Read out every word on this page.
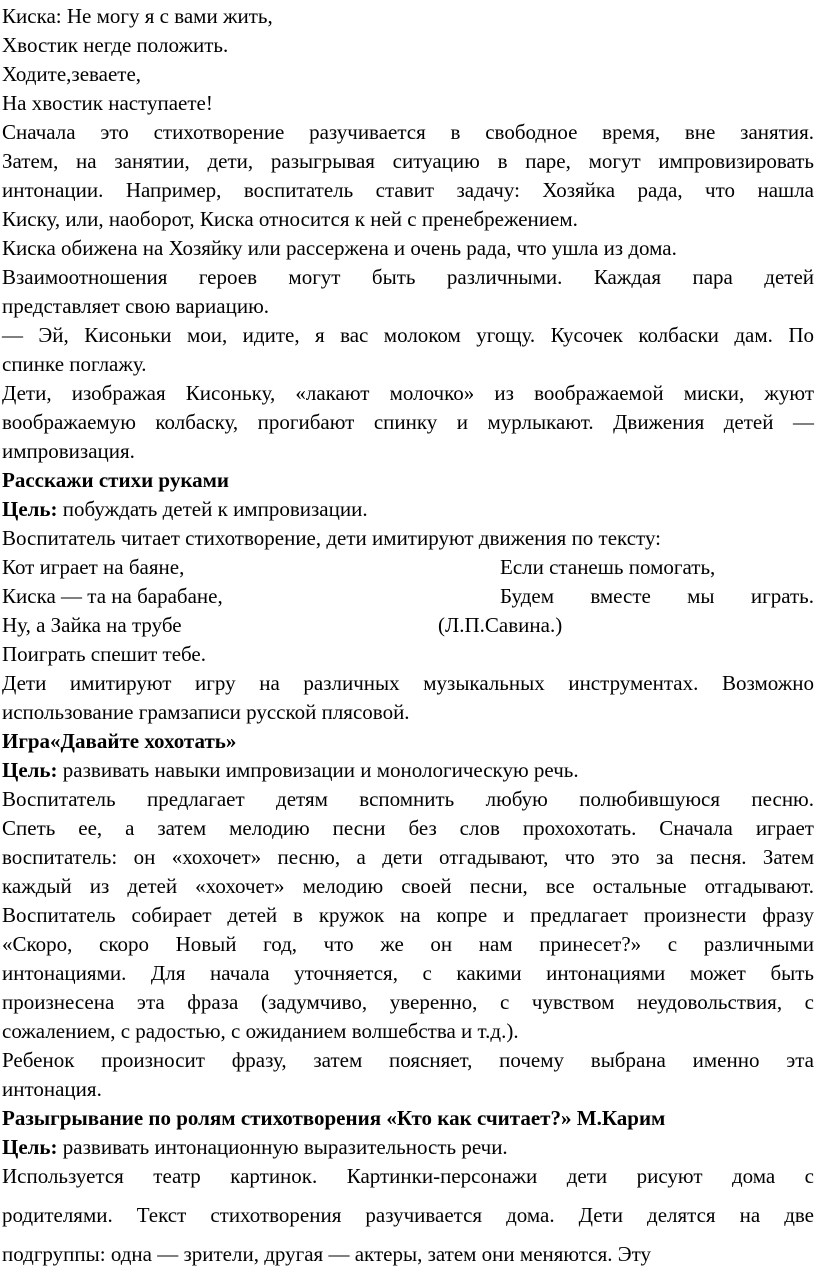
Киска: Не могу я с вами жить,
Хвостик негде положить.
Ходите,зеваете,
На хвостик наступаете!
Сначала это стихотворение разучивается в свободное время, вне занятия.
Затем, на занятии, дети, разыгрывая ситуацию в паре, могут импровизировать
интонации. Например, воспитатель ставит задачу: Хозяйка рада, что нашла
Киску, или, наоборот, Киска относится к ней с пренебрежением.
Киска обижена на Хозяйку или рассержена и очень рада, что ушла из дома.
Взаимоотношения героев могут быть различными. Каждая пара детей
представляет свою вариацию.
— Эй, Кисоньки мои, идите, я вас молоком угощу. Кусочек колбаски дам. По
спинке поглажу.
Дети, изображая Кисоньку, «лакают молочко» из воображаемой миски, жуют
воображаемую колбаску, прогибают спинку и мурлыкают. Движения детей —
импровизация.
Расскажи стихи руками
Цель: побуждать детей к импровизации.
Воспитатель читает стихотворение, дети имитируют движения по тексту:
Кот играет на баяне,	Если станешь помогать,
Киска — та на барабане,	Будем вместе мы играть.
Ну, а Зайка на трубе	(Л.П.Савина.)
Поиграть спешит тебе.
Дети имитируют игру на различных музыкальных инструментах. Возможно
использование грамзаписи русской плясовой.
Игра«Давайте хохотать»
Цель: развивать навыки импровизации и монологическую речь.
Воспитатель предлагает детям вспомнить любую полюбившуюся песню.
Спеть ее, а затем мелодию песни без слов прохохотать. Сначала играет
воспитатель: он «хохочет» песню, а дети отгадывают, что это за песня. Затем
каждый из детей «хохочет» мелодию своей песни, все остальные отгадывают.
Воспитатель собирает детей в кружок на копре и предлагает произнести фразу
«Скоро, скоро Новый год, что же он нам принесет?» с различными
интонациями. Для начала уточняется, с какими интонациями может быть
произнесена эта фраза (задумчиво, уверенно, с чувством неудовольствия, с
сожалением, с радостью, с ожиданием волшебства и т.д.).
Ребенок произносит фразу, затем поясняет, почему выбрана именно эта
интонация.
Разыгрывание по ролям стихотворения «Кто как считает?» М.Карим
Цель: развивать интонационную выразительность речи.
Используется театр картинок. Картинки-персонажи дети рисуют дома с
родителями. Текст стихотворения разучивается дома. Дети делятся на две
подгруппы: одна — зрители, другая — актеры, затем они меняются. Эту
